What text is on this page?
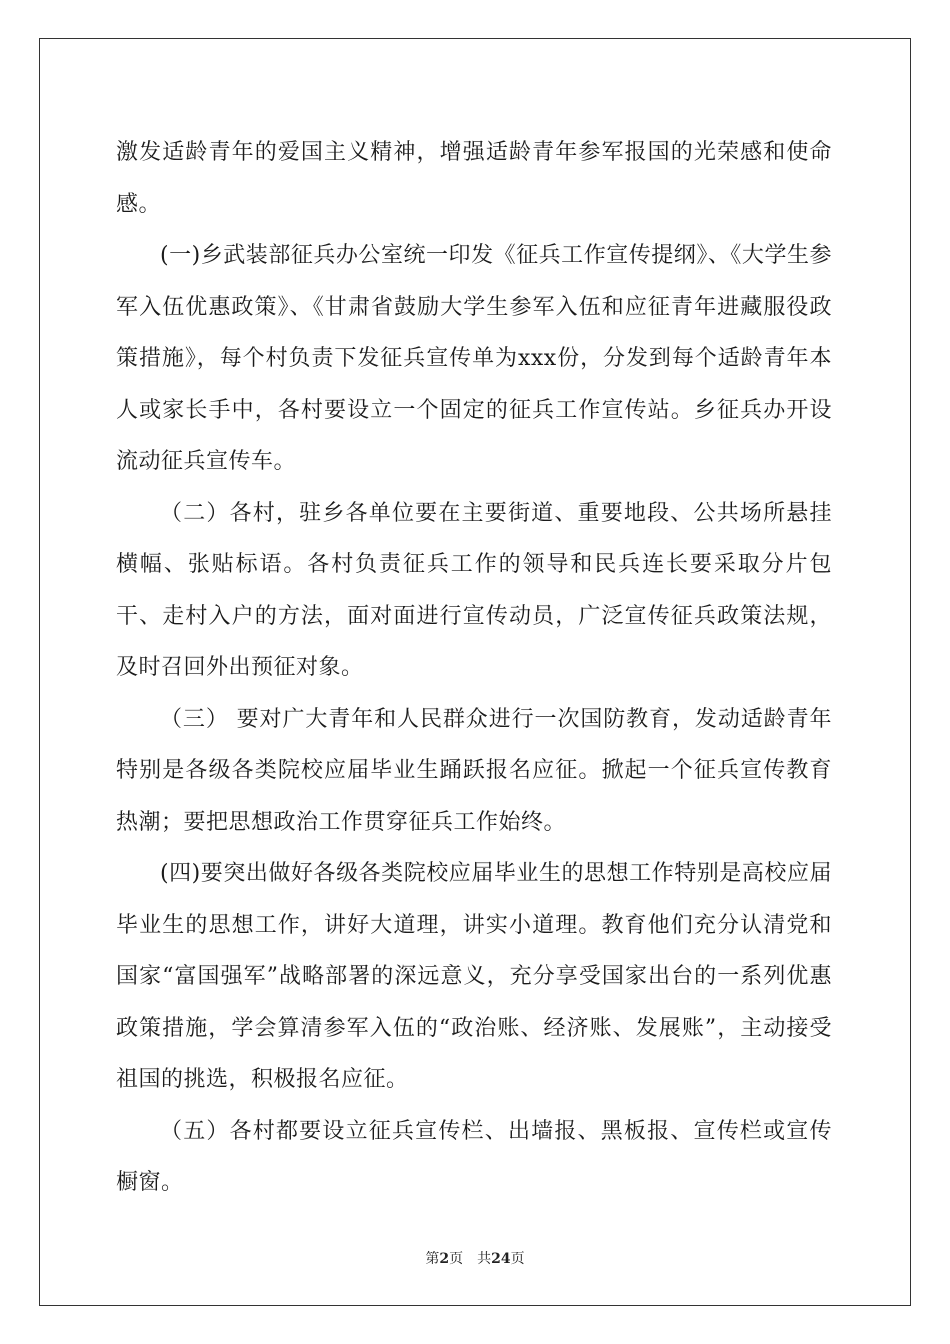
激发适龄青年的爱国主义精神，增强适龄青年参军报国的光荣感和使命感。

(一)乡武装部征兵办公室统一印发《征兵工作宣传提纲》、《大学生参军入伍优惠政策》、《甘肃省鼓励大学生参军入伍和应征青年进藏服役政策措施》，每个村负责下发征兵宣传单为xxx份，分发到每个适龄青年本人或家长手中，各村要设立一个固定的征兵工作宣传站。乡征兵办开设流动征兵宣传车。

（二）各村，驻乡各单位要在主要街道、重要地段、公共场所悬挂横幅、张贴标语。各村负责征兵工作的领导和民兵连长要采取分片包干、走村入户的方法，面对面进行宣传动员，广泛宣传征兵政策法规，及时召回外出预征对象。

（三） 要对广大青年和人民群众进行一次国防教育，发动适龄青年特别是各级各类院校应届毕业生踊跃报名应征。掀起一个征兵宣传教育热潮；要把思想政治工作贯穿征兵工作始终。

(四)要突出做好各级各类院校应届毕业生的思想工作特别是高校应届毕业生的思想工作，讲好大道理，讲实小道理。教育他们充分认清党和国家“富国强军”战略部署的深远意义，充分享受国家出台的一系列优惠政策措施，学会算清参军入伍的“政治账、经济账、发展账”，主动接受祖国的挑选，积极报名应征。

（五）各村都要设立征兵宣传栏、出墙报、黑板报、宣传栏或宣传橱窗。

第2页 共24页
